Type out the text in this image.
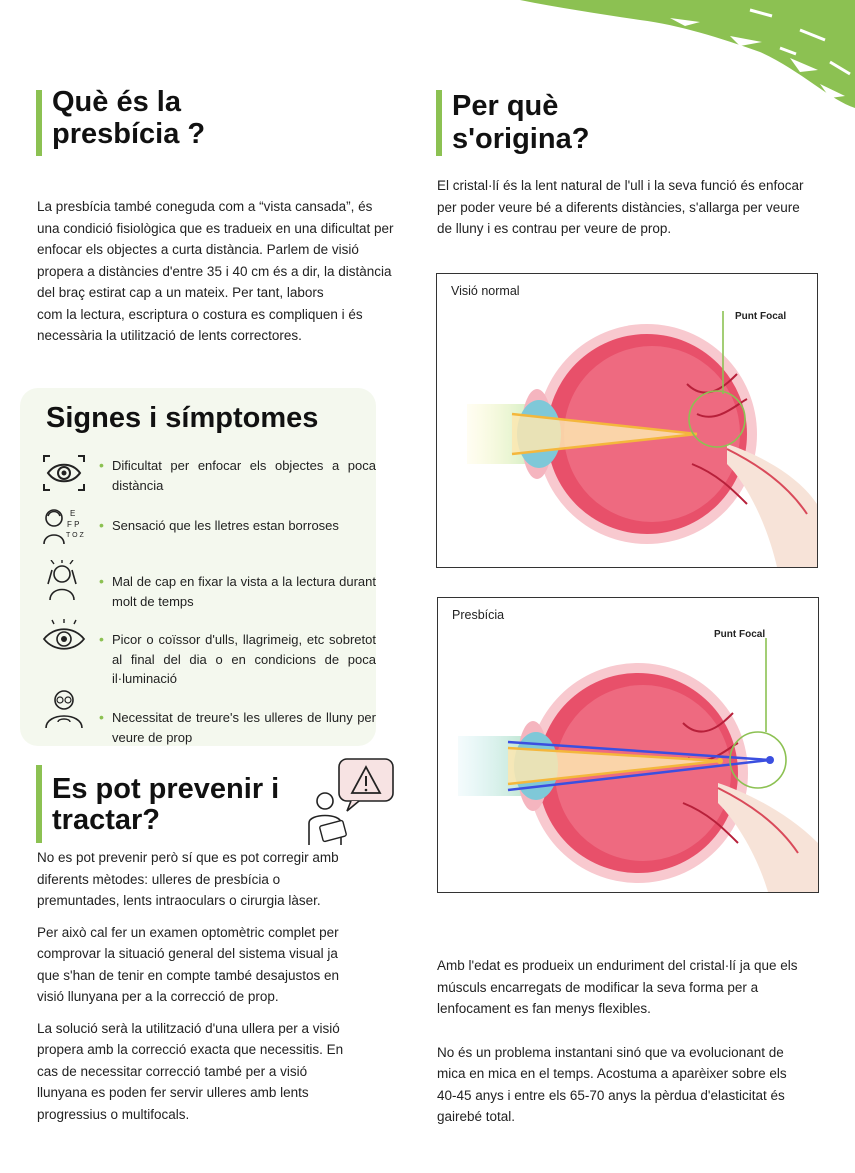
Què és la presbícia ?

La presbícia també coneguda com a “vista cansada”, és una condició fisiològica que es tradueix en una dificultat per enfocar els objectes a curta distància. Parlem de visió propera a distàncies d'entre 35 i 40 cm és a dir, la distància del braç estirat cap a un mateix. Per tant, labors

com la lectura, escriptura o costura es compliquen i és necessària la utilització de lents correctores.

Signes i símptomes
• Dificultat per enfocar els objectes a poca distància
E
F P
T O Z
• Sensació que les lletres estan borroses
• Mal de cap en fixar la vista a la lectura durant molt de temps
• Picor o coïssor d'ulls, llagrimeig, etc sobretot al final del dia o en condicions de poca il·luminació
• Necessitat de treure's les ulleres de lluny per veure de prop
Es pot prevenir i tractar?

No es pot prevenir però sí que es pot corregir amb diferents mètodes: ulleres de presbícia o premuntades, lents intraoculars o cirurgia làser.

Per això cal fer un examen optomètric complet per comprovar la situació general del sistema visual ja que s'han de tenir en compte també desajustos en visió llunyana per a la correcció de prop.

La solució serà la utilització d'una ullera per a visió propera amb la correcció exacta que necessitis. En cas de necessitar correcció també per a visió llunyana es poden fer servir ulleres amb lents progressius o multifocals.

Per què s'origina?
El cristal·lí és la lent natural de l'ull i la seva funció és enfocar per poder veure bé a diferents distàncies, s'allarga per veure de lluny i es contrau per veure de prop.
Visió normal
Punt Focal
Presbícia
Punt Focal

Amb l'edat es produeix un enduriment del cristal·lí ja que els músculs encarregats de modificar la seva forma per a lenfocament es fan menys flexibles.

No és un problema instantani sinó que va evolucionant de mica en mica en el temps. Acostuma a aparèixer sobre els 40-45 anys i entre els 65-70 anys la pèrdua d'elasticitat és gairebé total.
